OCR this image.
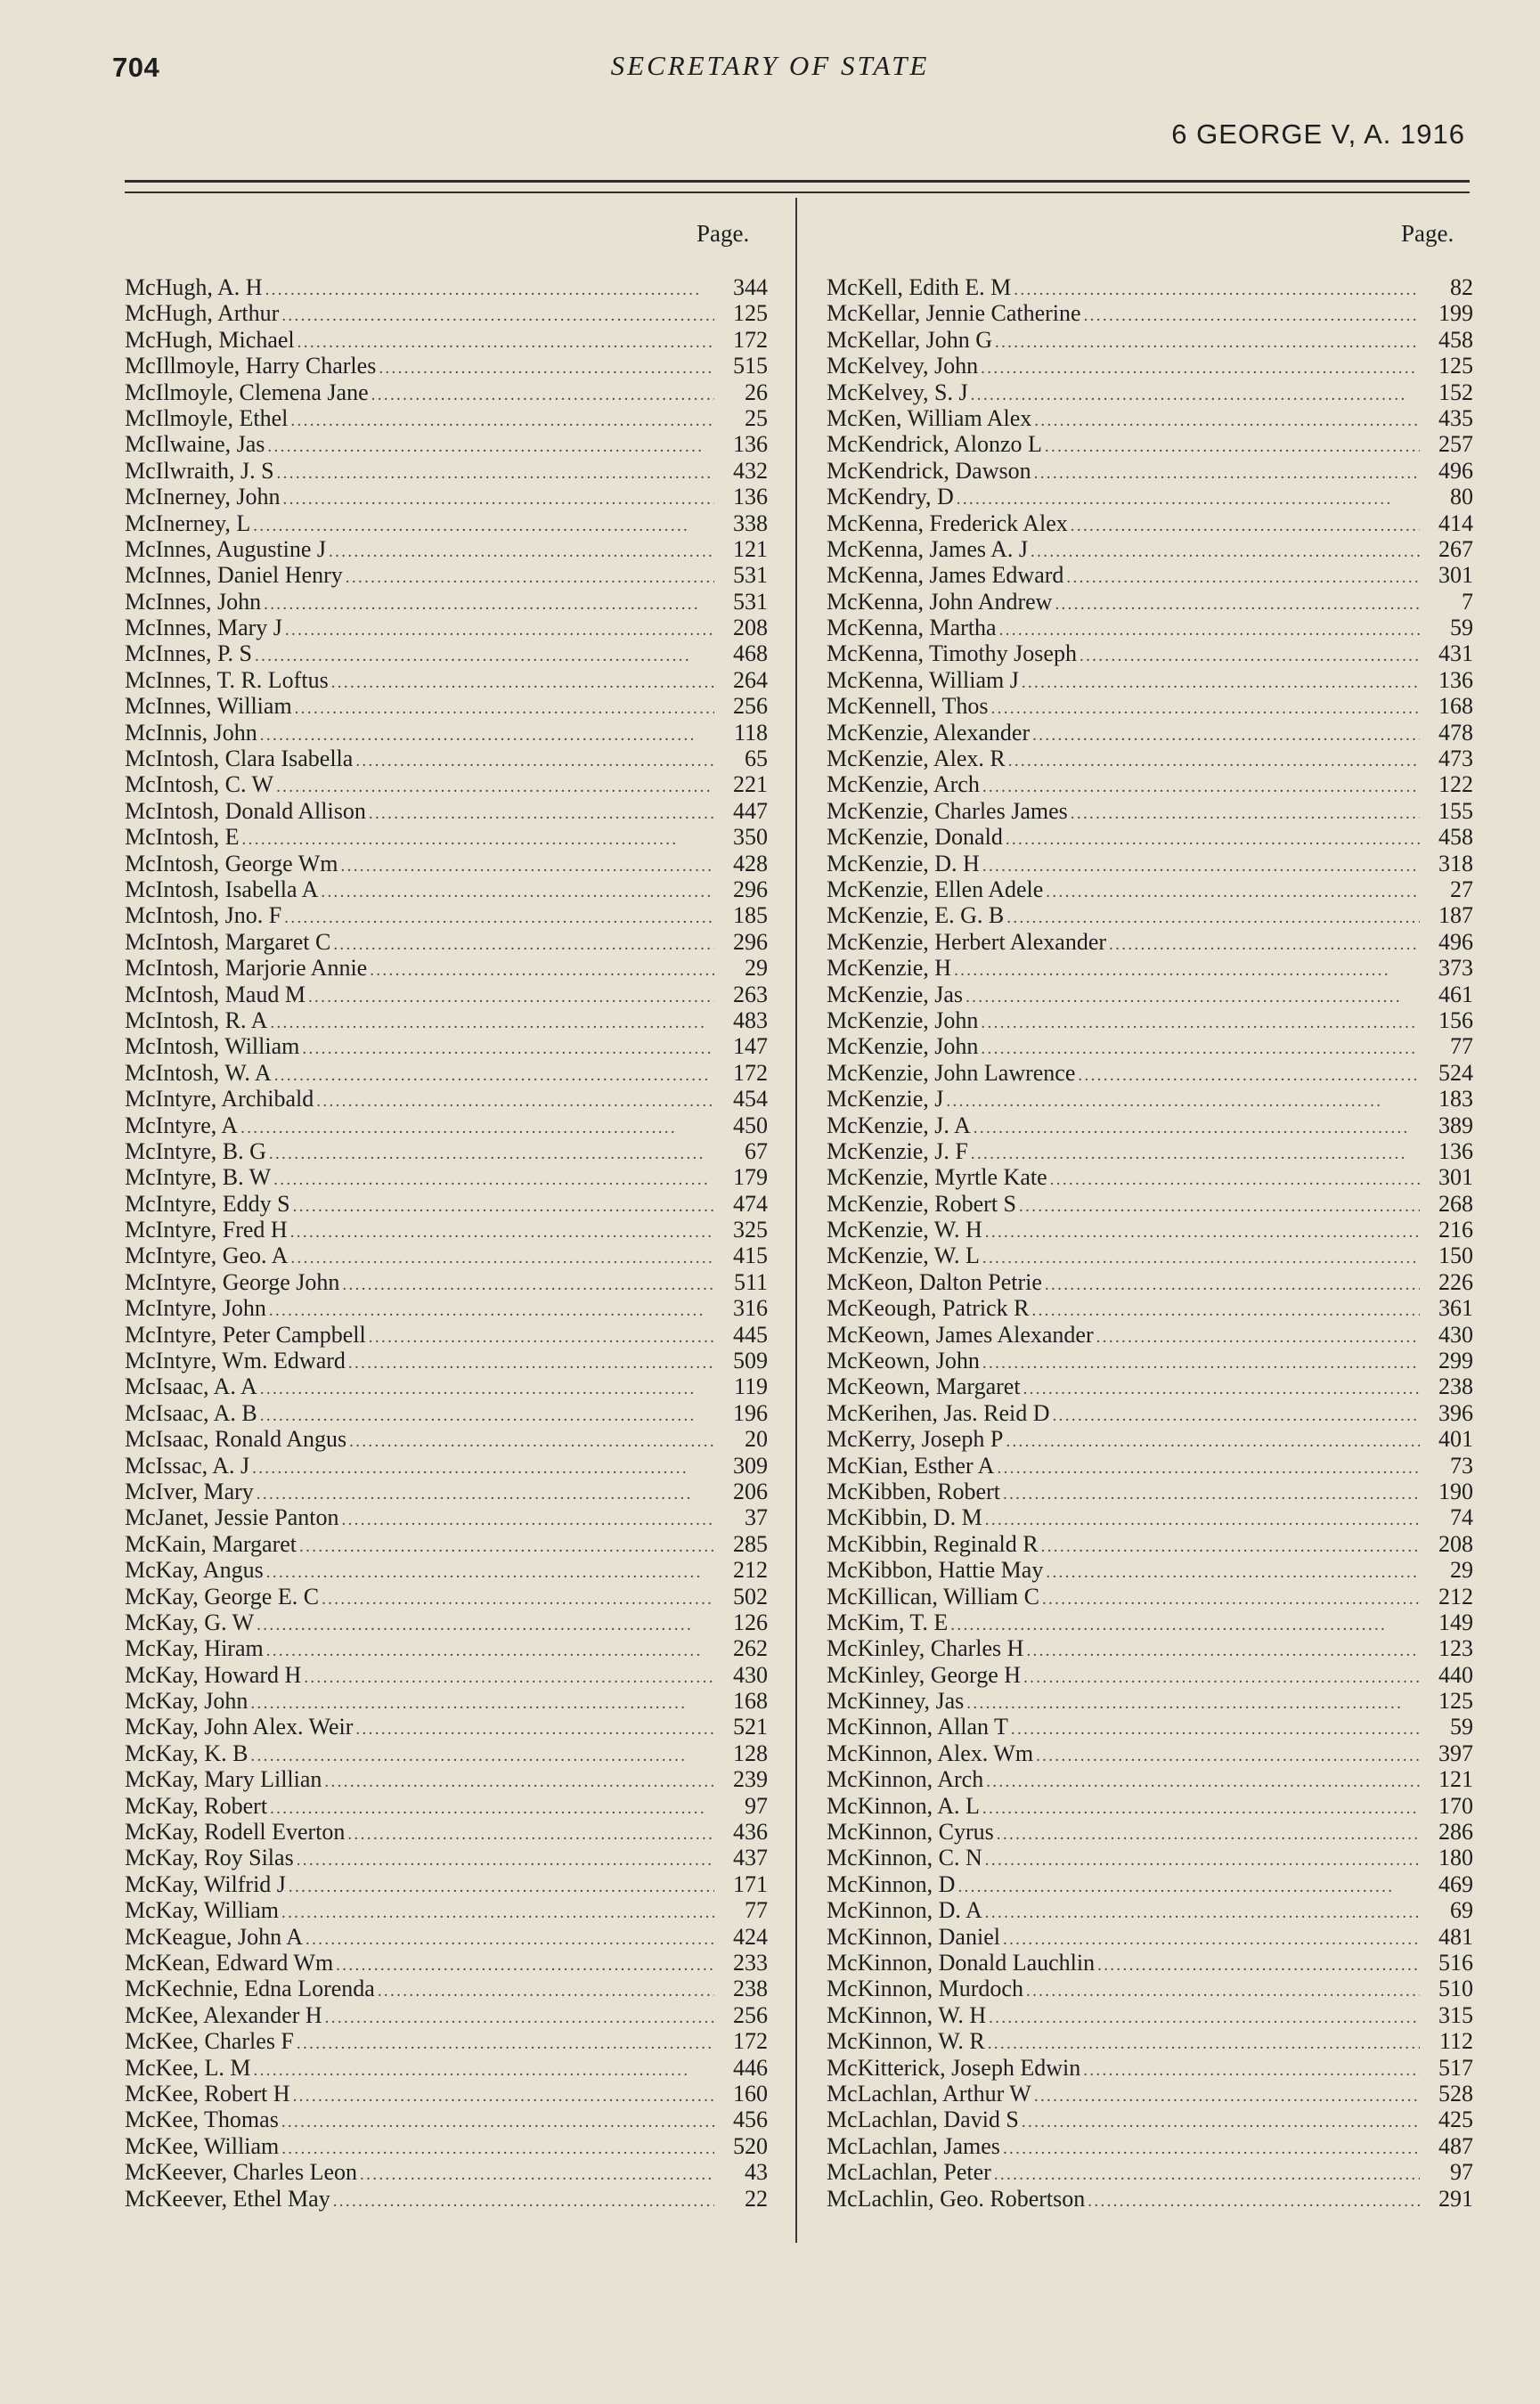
704	SECRETARY OF STATE
6 GEORGE V, A. 1916
Page.	Page.
McHugh, A. H . . .	344
McHugh, Arthur . . .	125
McHugh, Michael . . .	172
McIllmoyle, Harry Charles . . .	515
McIlmoyle, Clemena Jane . . .	26
McIlmoyle, Ethel . . .	25
McIlwaine, Jas . . .	136
McIlwraith, J. S . . .	432
McInerney, John . . .	136
McInerney, L . . .	338
McInnes, Augustine J . . .	121
McInnes, Daniel Henry . . .	531
McInnes, John . . .	531
McInnes, Mary J . . .	208
McInnes, P. S . . .	468
McInnes, T. R. Loftus . . .	264
McInnes, William . . .	256
McInnis, John . . .	118
McIntosh, Clara Isabella . . .	65
McIntosh, C. W . . .	221
McIntosh, Donald Allison . . .	447
McIntosh, E . . .	350
McIntosh, George Wm . . .	428
McIntosh, Isabella A . . .	296
McIntosh, Jno. F . . .	185
McIntosh, Margaret C . . .	296
McIntosh, Marjorie Annie . . .	29
McIntosh, Maud M . . .	263
McIntosh, R. A . . .	483
McIntosh, William . . .	147
McIntosh, W. A . . .	172
McIntyre, Archibald . . .	454
McIntyre, A . . .	450
McIntyre, B. G . . .	67
McIntyre, B. W . . .	179
McIntyre, Eddy S . . .	474
McIntyre, Fred H . . .	325
McIntyre, Geo. A . . .	415
McIntyre, George John . . .	511
McIntyre, John . . .	316
McIntyre, Peter Campbell . . .	445
McIntyre, Wm. Edward . . .	509
McIsaac, A. A . . .	119
McIsaac, A. B . . .	196
McIsaac, Ronald Angus . . .	20
McIssac, A. J . . .	309
McIver, Mary . . .	206
McJanet, Jessie Panton . . .	37
McKain, Margaret . . .	285
McKay, Angus . . .	212
McKay, George E. C . . .	502
McKay, G. W . . .	126
McKay, Hiram . . .	262
McKay, Howard H . . .	430
McKay, John . . .	168
McKay, John Alex. Weir . . .	521
McKay, K. B . . .	128
McKay, Mary Lillian . . .	239
McKay, Robert . . .	97
McKay, Rodell Everton . . .	436
McKay, Roy Silas . . .	437
McKay, Wilfrid J . . .	171
McKay, William . . .	77
McKeague, John A . . .	424
McKean, Edward Wm . . .	233
McKechnie, Edna Lorenda . . .	238
McKee, Alexander H . . .	256
McKee, Charles F . . .	172
McKee, L. M . . .	446
McKee, Robert H . . .	160
McKee, Thomas . . .	456
McKee, William . . .	520
McKeever, Charles Leon . . .	43
McKeever, Ethel May . . .	22
McKell, Edith E. M . . .	82
McKellar, Jennie Catherine . . .	199
McKellar, John G . . .	458
McKelvey, John . . .	125
McKelvey, S. J . . .	152
McKen, William Alex . . .	435
McKendrick, Alonzo L . . .	257
McKendrick, Dawson . . .	496
McKendry, D . . .	80
McKenna, Frederick Alex . . .	414
McKenna, James A. J . . .	267
McKenna, James Edward . . .	301
McKenna, John Andrew . . .	7
McKenna, Martha . . .	59
McKenna, Timothy Joseph . . .	431
McKenna, William J . . .	136
McKennell, Thos . . .	168
McKenzie, Alexander . . .	478
McKenzie, Alex. R . . .	473
McKenzie, Arch . . .	122
McKenzie, Charles James . . .	155
McKenzie, Donald . . .	458
McKenzie, D. H . . .	318
McKenzie, Ellen Adele . . .	27
McKenzie, E. G. B . . .	187
McKenzie, Herbert Alexander . . .	496
McKenzie, H . . .	373
McKenzie, Jas . . .	461
McKenzie, John . . .	156
McKenzie, John . . .	77
McKenzie, John Lawrence . . .	524
McKenzie, J . . .	183
McKenzie, J. A . . .	389
McKenzie, J. F . . .	136
McKenzie, Myrtle Kate . . .	301
McKenzie, Robert S . . .	268
McKenzie, W. H . . .	216
McKenzie, W. L . . .	150
McKeon, Dalton Petrie . . .	226
McKeough, Patrick R . . .	361
McKeown, James Alexander . . .	430
McKeown, John . . .	299
McKeown, Margaret . . .	238
McKerihen, Jas. Reid D . . .	396
McKerry, Joseph P . . .	401
McKian, Esther A . . .	73
McKibben, Robert . . .	190
McKibbin, D. M . . .	74
McKibbin, Reginald R . . .	208
McKibbon, Hattie May . . .	29
McKillican, William C . . .	212
McKim, T. E . . .	149
McKinley, Charles H . . .	123
McKinley, George H . . .	440
McKinney, Jas . . .	125
McKinnon, Allan T . . .	59
McKinnon, Alex. Wm . . .	397
McKinnon, Arch . . .	121
McKinnon, A. L . . .	170
McKinnon, Cyrus . . .	286
McKinnon, C. N . . .	180
McKinnon, D . . .	469
McKinnon, D. A . . .	69
McKinnon, Daniel . . .	481
McKinnon, Donald Lauchlin . . .	516
McKinnon, Murdoch . . .	510
McKinnon, W. H . . .	315
McKinnon, W. R . . .	112
McKitterick, Joseph Edwin . . .	517
McLachlan, Arthur W . . .	528
McLachlan, David S . . .	425
McLachlan, James . . .	487
McLachlan, Peter . . .	97
McLachlin, Geo. Robertson . . .	291
